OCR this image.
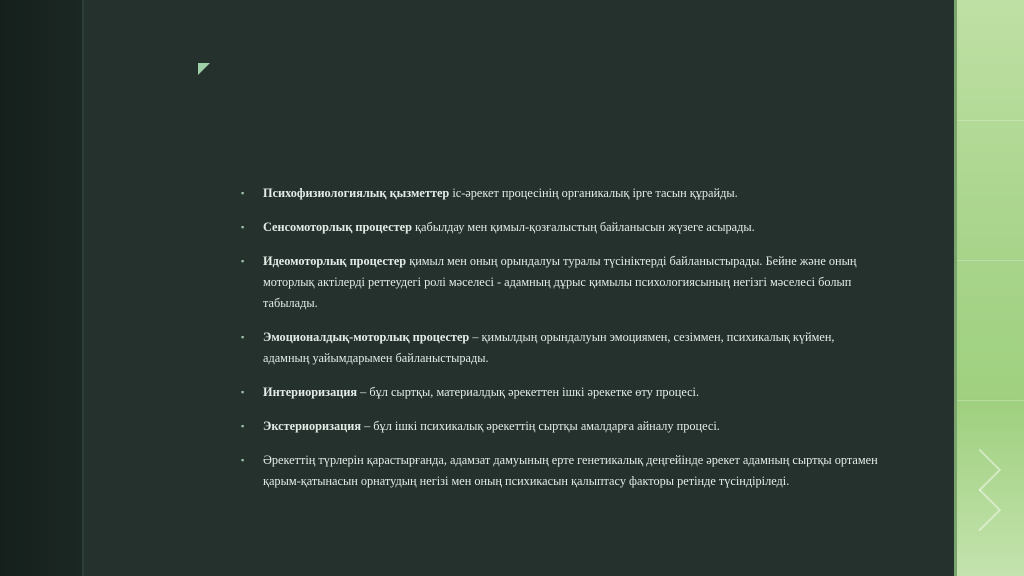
▪ Психофизиологиялық қызметтер іс-әрекет процесінің органикалық ірге тасын құрайды.
▪ Сенсомоторлық процестер қабылдау мен қимыл-қозғалыстың байланысын жүзеге асырады.
▪ Идеомоторлық процестер қимыл мен оның орындалуы туралы түсініктерді байланыстырады. Бейне және оның моторлық актілерді реттеудегі ролі мәселесі - адамның дұрыс қимылы психологиясының негізгі мәселесі болып табылады.
▪ Эмоционалдық-моторлық процестер – қимылдың орындалуын эмоциямен, сезіммен, психикалық күймен, адамның уайымдарымен байланыстырады.
▪ Интериоризация – бұл сыртқы, материалдық әрекеттен ішкі әрекетке өту процесі.
▪ Экстериоризация – бұл ішкі психикалық әрекеттің сыртқы амалдарға айналу процесі.
▪ Әрекеттің түрлерін қарастырғанда, адамзат дамуының ерте генетикалық деңгейінде әрекет адамның сыртқы ортамен қарым-қатынасын орнатудың негізі мен оның психикасын қалыптасу факторы ретінде түсіндіріледі.
